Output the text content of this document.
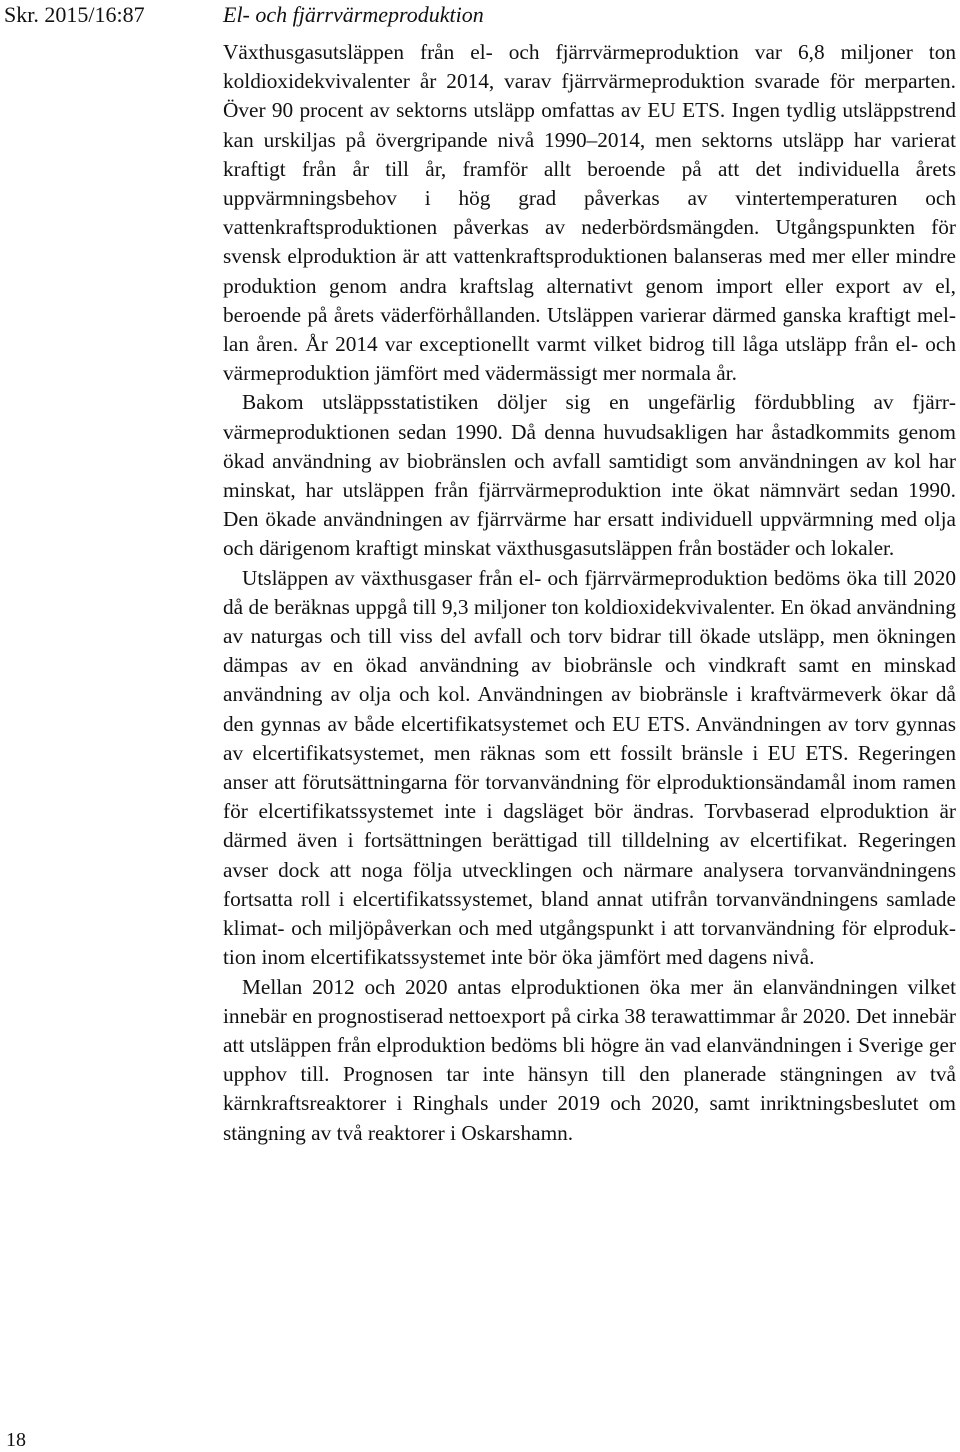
Skr. 2015/16:87	El- och fjärrvärmeproduktion

Växthusgasutsläppen från el- och fjärrvärmeproduktion var 6,8 miljoner ton koldioxidekvivalenter år 2014, varav fjärrvärmeproduktion svarade för merparten. Över 90 procent av sektorns utsläpp omfattas av EU ETS. Ingen tydlig utsläppstrend kan urskiljas på övergripande nivå 1990–2014, men sektorns utsläpp har varierat kraftigt från år till år, framför allt beroende på att det individuella årets uppvärmningsbehov i hög grad påverkas av vintertemperaturen och vattenkraftsproduktionen påverkas av nederbördsmängden. Utgångspunkten för svensk elproduktion är att vattenkraftsproduktionen balanseras med mer eller mindre produktion genom andra kraftslag alternativt genom import eller export av el, beroende på årets väderförhållanden. Utsläppen varierar därmed ganska kraftigt mellan åren. År 2014 var exceptionellt varmt vilket bidrog till låga utsläpp från el- och värmeproduktion jämfört med vädermässigt mer normala år.

Bakom utsläppsstatistiken döljer sig en ungefärlig fördubbling av fjärrvärmeproduktionen sedan 1990. Då denna huvudsakligen har åstadkommits genom ökad användning av biobränslen och avfall samtidigt som användningen av kol har minskat, har utsläppen från fjärrvärmeproduktion inte ökat nämnvärt sedan 1990. Den ökade användningen av fjärrvärme har ersatt individuell uppvärmning med olja och därigenom kraftigt minskat växthusgasutsläppen från bostäder och lokaler.

Utsläppen av växthusgaser från el- och fjärrvärmeproduktion bedöms öka till 2020 då de beräknas uppgå till 9,3 miljoner ton koldioxidekvivalenter. En ökad användning av naturgas och till viss del avfall och torv bidrar till ökade utsläpp, men ökningen dämpas av en ökad användning av biobränsle och vindkraft samt en minskad användning av olja och kol. Användningen av biobränsle i kraftvärmeverk ökar då den gynnas av både elcertifikatsystemet och EU ETS. Användningen av torv gynnas av elcertifikatsystemet, men räknas som ett fossilt bränsle i EU ETS. Regeringen anser att förutsättningarna för torvanvändning för elproduktionsändamål inom ramen för elcertifikatssystemet inte i dagsläget bör ändras. Torvbaserad elproduktion är därmed även i fortsättningen berättigad till tilldelning av elcertifikat. Regeringen avser dock att noga följa utvecklingen och närmare analysera torvanvändningens fortsatta roll i elcertifikatssystemet, bland annat utifrån torvanvändningens samlade klimat- och miljöpåverkan och med utgångspunkt i att torvanvändning för elproduktion inom elcertifikatssystemet inte bör öka jämfört med dagens nivå.

Mellan 2012 och 2020 antas elproduktionen öka mer än elanvändningen vilket innebär en prognostiserad nettoexport på cirka 38 terawattimmar år 2020. Det innebär att utsläppen från elproduktion bedöms bli högre än vad elanvändningen i Sverige ger upphov till. Prognosen tar inte hänsyn till den planerade stängningen av två kärnkraftsreaktorer i Ringhals under 2019 och 2020, samt inriktningsbeslutet om stängning av två reaktorer i Oskarshamn.

18
